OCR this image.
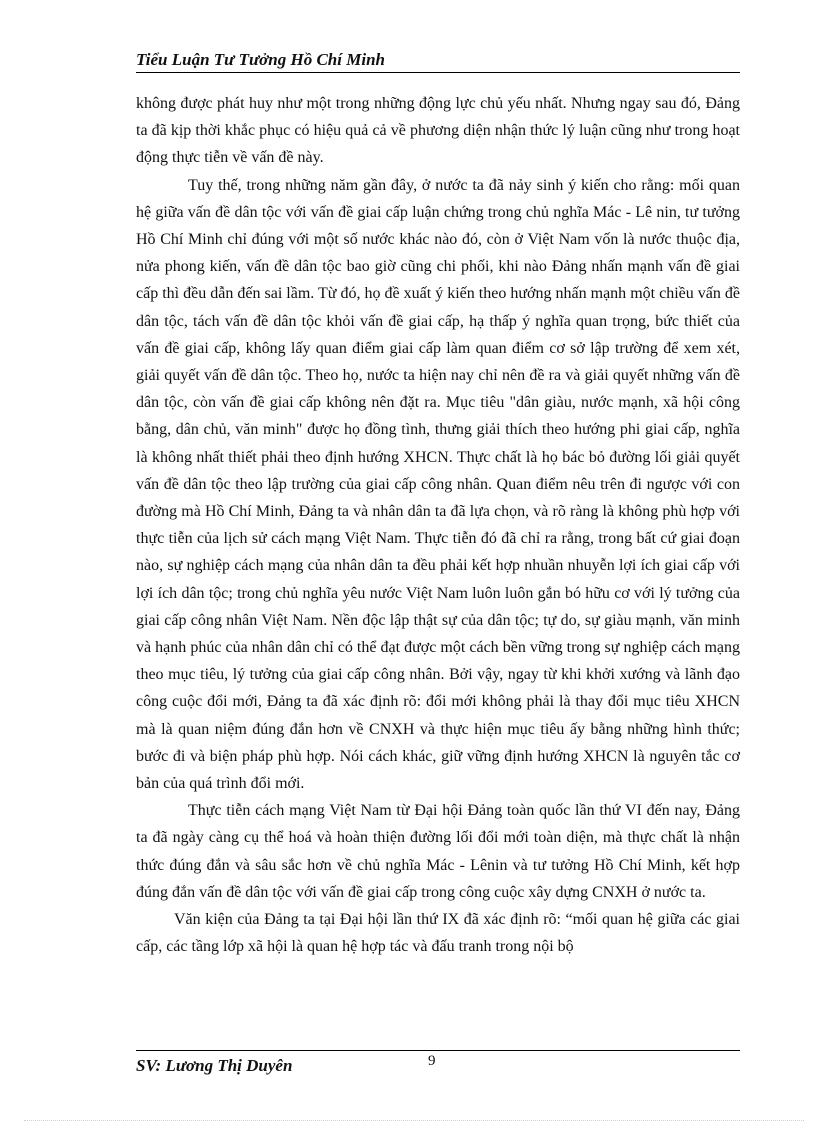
Tiểu Luận Tư Tưởng Hồ Chí Minh

không được phát huy như một trong những động lực chủ yếu nhất. Nhưng ngay sau đó, Đảng ta đã kịp thời khắc phục có hiệu quả cả về phương diện nhận thức lý luận cũng như trong hoạt động thực tiễn về vấn đề này.

Tuy thế, trong những năm gần đây, ở nước ta đã nảy sinh ý kiến cho rằng: mối quan hệ giữa vấn đề dân tộc với vấn đề giai cấp luận chứng trong chủ nghĩa Mác - Lê nin, tư tưởng Hồ Chí Minh chỉ đúng với một số nước khác nào đó, còn ở Việt Nam vốn là nước thuộc địa, nửa phong kiến, vấn đề dân tộc bao giờ cũng chi phối, khi nào Đảng nhấn mạnh vấn đề giai cấp thì đều dẫn đến sai lầm. Từ đó, họ đề xuất ý kiến theo hướng nhấn mạnh một chiều vấn đề dân tộc, tách vấn đề dân tộc khỏi vấn đề giai cấp, hạ thấp ý nghĩa quan trọng, bức thiết của vấn đề giai cấp, không lấy quan điểm giai cấp làm quan điểm cơ sở lập trường để xem xét, giải quyết vấn đề dân tộc. Theo họ, nước ta hiện nay chỉ nên đề ra và giải quyết những vấn đề dân tộc, còn vấn đề giai cấp không nên đặt ra. Mục tiêu "dân giàu, nước mạnh, xã hội công bằng, dân chủ, văn minh" được họ đồng tình, thưng giải thích theo hướng phi giai cấp, nghĩa là không nhất thiết phải theo định hướng XHCN. Thực chất là họ bác bỏ đường lối giải quyết vấn đề dân tộc theo lập trường của giai cấp công nhân. Quan điểm nêu trên đi ngược với con đường mà Hồ Chí Minh, Đảng ta và nhân dân ta đã lựa chọn, và rõ ràng là không phù hợp với thực tiễn của lịch sử cách mạng Việt Nam. Thực tiễn đó đã chỉ ra rằng, trong bất cứ giai đoạn nào, sự nghiệp cách mạng của nhân dân ta đều phải kết hợp nhuần nhuyễn lợi ích giai cấp với lợi ích dân tộc; trong chủ nghĩa yêu nước Việt Nam luôn luôn gắn bó hữu cơ với lý tưởng của giai cấp công nhân Việt Nam. Nền độc lập thật sự của dân tộc; tự do, sự giàu mạnh, văn minh và hạnh phúc của nhân dân chỉ có thể đạt được một cách bền vững trong sự nghiệp cách mạng theo mục tiêu, lý tưởng của giai cấp công nhân. Bởi vậy, ngay từ khi khởi xướng và lãnh đạo công cuộc đổi mới, Đảng ta đã xác định rõ: đổi mới không phải là thay đổi mục tiêu XHCN mà là quan niệm đúng đắn hơn về CNXH và thực hiện mục tiêu ấy bằng những hình thức; bước đi và biện pháp phù hợp. Nói cách khác, giữ vững định hướng XHCN là nguyên tắc cơ bản của quá trình đổi mới.

Thực tiễn cách mạng Việt Nam từ Đại hội Đảng toàn quốc lần thứ VI đến nay, Đảng ta đã ngày càng cụ thể hoá và hoàn thiện đường lối đổi mới toàn diện, mà thực chất là nhận thức đúng đắn và sâu sắc hơn về chủ nghĩa Mác - Lênin và tư tưởng Hồ Chí Minh, kết hợp đúng đắn vấn đề dân tộc với vấn đề giai cấp trong công cuộc xây dựng CNXH ở nước ta.

Văn kiện của Đảng ta tại Đại hội lần thứ IX đã xác định rõ: “mối quan hệ giữa các giai cấp, các tầng lớp xã hội là quan hệ hợp tác và đấu tranh trong nội bộ

SV: Lương Thị Duyên	9
